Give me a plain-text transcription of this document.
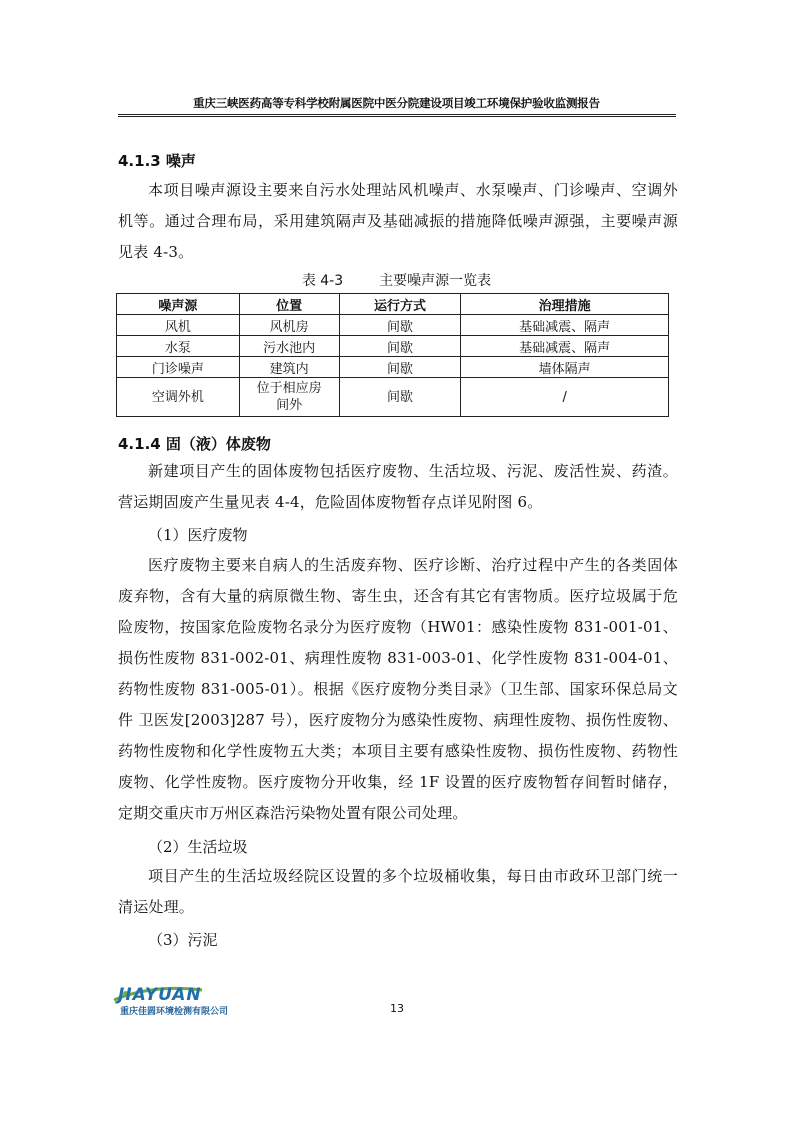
重庆三峡医药高等专科学校附属医院中医分院建设项目竣工环境保护验收监测报告
4.1.3 噪声
本项目噪声源设主要来自污水处理站风机噪声、水泵噪声、门诊噪声、空调外机等。通过合理布局，采用建筑隔声及基础减振的措施降低噪声源强，主要噪声源见表 4-3。
表 4-3	主要噪声源一览表
噪声源	位置	运行方式	治理措施
风机	风机房	间歇	基础减震、隔声
水泵	污水池内	间歇	基础减震、隔声
门诊噪声	建筑内	间歇	墙体隔声
空调外机	位于相应房间外	间歇	/
4.1.4 固（液）体废物
新建项目产生的固体废物包括医疗废物、生活垃圾、污泥、废活性炭、药渣。营运期固废产生量见表 4-4，危险固体废物暂存点详见附图 6。
（1）医疗废物
医疗废物主要来自病人的生活废弃物、医疗诊断、治疗过程中产生的各类固体废弃物，含有大量的病原微生物、寄生虫，还含有其它有害物质。医疗垃圾属于危险废物，按国家危险废物名录分为医疗废物（HW01：感染性废物 831-001-01、损伤性废物 831-002-01、病理性废物 831-003-01、化学性废物 831-004-01、药物性废物 831-005-01）。根据《医疗废物分类目录》（卫生部、国家环保总局文件 卫医发[2003]287 号），医疗废物分为感染性废物、病理性废物、损伤性废物、药物性废物和化学性废物五大类；本项目主要有感染性废物、损伤性废物、药物性废物、化学性废物。医疗废物分开收集，经 1F 设置的医疗废物暂存间暂时储存，定期交重庆市万州区森浩污染物处置有限公司处理。
（2）生活垃圾
项目产生的生活垃圾经院区设置的多个垃圾桶收集，每日由市政环卫部门统一清运处理。
（3）污泥
JIAYUAN
重庆佳圆环境检测有限公司	13
